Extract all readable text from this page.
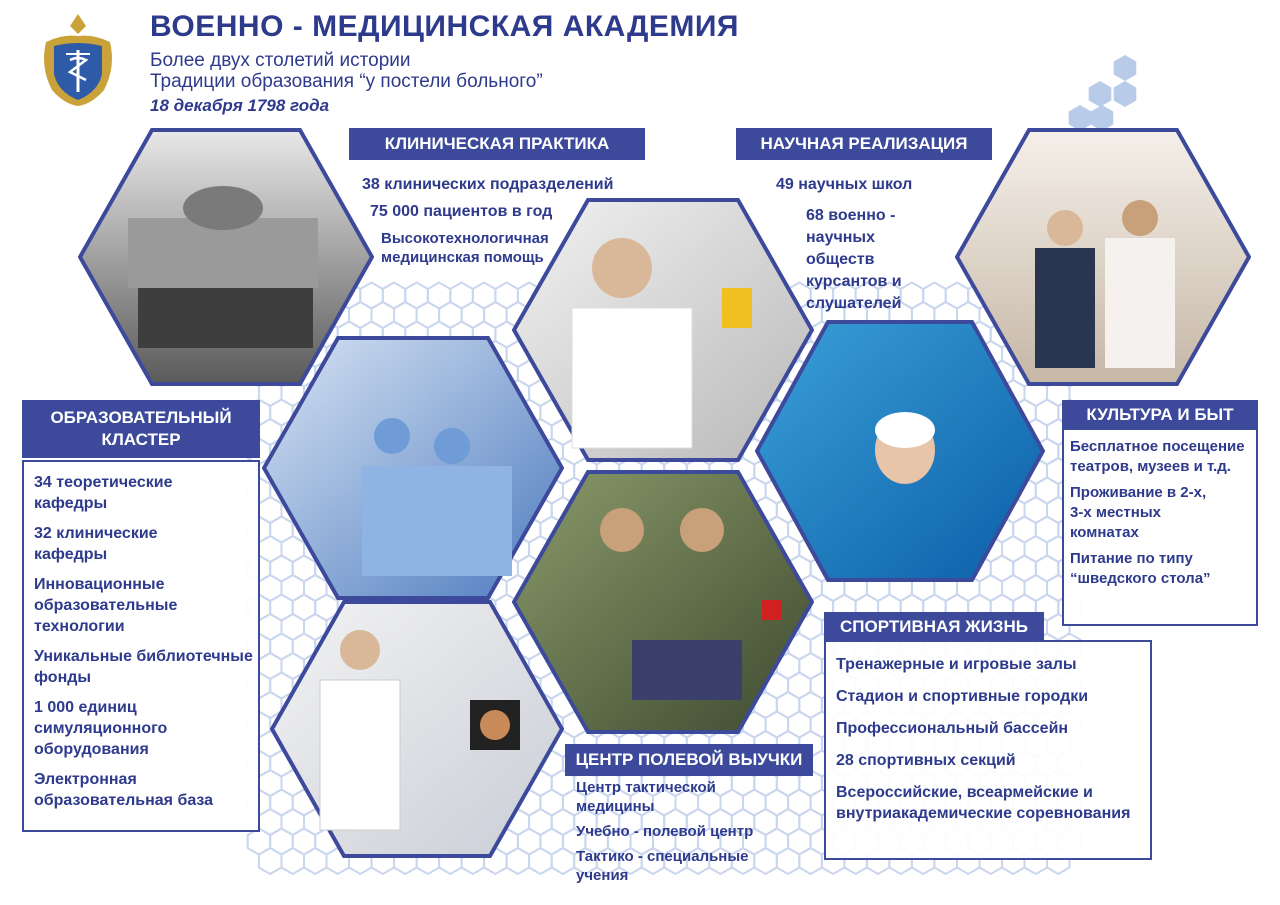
ВОЕННО - МЕДИЦИНСКАЯ АКАДЕМИЯ
Более двух столетий истории
Традиции образования “у постели больного”
18 декабря 1798 года
КЛИНИЧЕСКАЯ ПРАКТИКА
38 клинических подразделений
75 000 пациентов в год
Высокотехнологичная медицинская помощь
НАУЧНАЯ РЕАЛИЗАЦИЯ
49 научных школ
68 военно - научных обществ курсантов и слушателей
ОБРАЗОВАТЕЛЬНЫЙ КЛАСТЕР
34 теоретические кафедры
32 клинические кафедры
Инновационные образовательные технологии
Уникальные библиотечные фонды
1 000 единиц симуляционного оборудования
Электронная образовательная база
КУЛЬТУРА И БЫТ
Бесплатное посещение театров, музеев и т.д.
Проживание в 2-х, 3-х местных комнатах
Питание по типу “шведского стола”
СПОРТИВНАЯ ЖИЗНЬ
Тренажерные и игровые залы
Стадион и спортивные городки
Профессиональный бассейн
28 спортивных секций
Всероссийские, всеармейские и внутриакадемические соревнования
ЦЕНТР ПОЛЕВОЙ ВЫУЧКИ
Центр тактической медицины
Учебно - полевой центр
Тактико - специальные учения
